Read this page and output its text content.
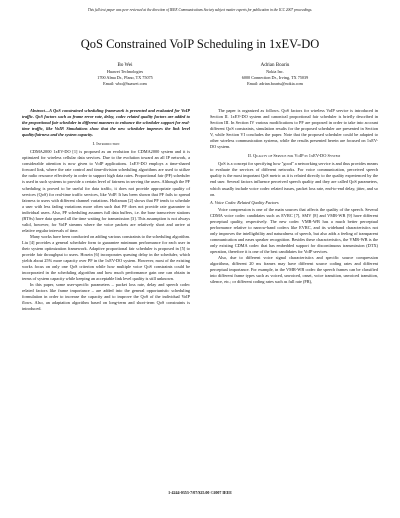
This full text paper was peer reviewed at the direction of IEEE Communications Society subject matter experts for publication in the ICC 2007 proceedings.
QoS Constrained VoIP Scheduling in 1xEV-DO
Bo Wei
Huawei Technologies
1700 Alma Dr., Plano, TX 75075
Email: wbo@huawei.com
Adrian Boariu
Nokia Inc.
6000 Connection Dr., Irving, TX 75039
Email: adrian.boariu@nokia.com

Abstract—A QoS constrained scheduling framework is presented and evaluated for VoIP traffic. QoS factors such as frame error rate, delay, codec related quality factors are added to the proportional fair scheduler in different manners to enhance the scheduler support for real-time traffic, like VoIP. Simulations show that the new scheduler improves the link level quality/fairness and the system capacity.

I. Introduction

CDMA2000 1xEV-DO [1] is proposed as an evolution for CDMA2000 system and it is optimized for wireless cellular data services. Due to the evolution toward an all IP network, a considerable attention is now given to VoIP applications. 1xEV-DO employs a time-shared forward link, where the rate control and time-division scheduling algorithms are used to utilize the radio resource effectively in order to support high data rates. Proportional fair (PF) scheduler is used in such systems to provide a certain level of fairness in serving the users. Although the PF scheduling is proved to be useful for data traffic, it does not provide appropriate quality of services (QoS) for real-time traffic services, like VoIP. It has been shown that PF fails to spread fairness to users with different channel variations. Holtzman [2] shows that PF tends to schedule a user with less fading variations more often such that PF does not provide rate guarantee to individual users. Also, PF scheduling assumes full data buffers, i.e. the base transceiver stations (BTSs) have data queued all the time waiting for transmission [3]. This assumption is not always valid, however, for VoIP streams where the voice packets are relatively short and arrive at relative regular intervals of time.

Many works have been conducted on adding various constraints to the scheduling algorithm. Liu [4] provides a general scheduler form to guarantee minimum performance for each user in their system optimization framework. Adaptive proportional fair scheduler is proposed in [5] to provide fair throughput to users. Hosein [6] incorporates queuing delay in the scheduler, which yields about 25% more capacity over PF in the 1xEV-DO system. However, most of the existing works focus on only one QoS criterion while how multiple voice QoS constraints could be incorporated in the scheduling algorithm and how much performance gain one can obtain in terms of system capacity while keeping an acceptable link level quality is still unknown.

In this paper, some user-specific parameters – packet loss rate, delay and speech codec related factors like frame importance – are added into the general opportunistic scheduling formulation in order to increase the capacity and to improve the QoS of the individual VoIP flows. Also, an adaptation algorithm based on long-term and short-term QoS constraints is introduced.

The paper is organized as follows. QoS factors for wireless VoIP service is introduced in Section II. 1xEV-DO system and canonical proportional fair scheduler is briefly described in Section III. In Section IV various modifications to PF are proposed in order to take into account different QoS constraints, simulation results for the proposed scheduler are presented in Section V, while Section VI concludes the paper. Note that the proposed scheduler could be adapted to other wireless communication systems, while the results presented herein are focused on 1xEV-DO system.

II. Quality of Service for VoIP in 1xEV-DO System

QoS is a concept for specifying how "good" a networking service is and thus provides means to evaluate the services of different networks. For voice communication, perceived speech quality is the most important QoS metric as it is related directly to the quality experienced by the end user. Several factors influence perceived speech quality and they are called QoS parameters, which usually include voice codec related issues, packet loss rate, end-to-end delay, jitter, and so on.

A. Voice Codec Related Quality Factors

Voice compression is one of the main sources that affects the quality of the speech. Several CDMA voice codec candidates such as EVRC [7], SMV [8] and VMR-WB [9] have different perceptual quality, respectively. The new codec VMR-WB has a much better perceptual performance relative to narrow-band codecs like EVRC, and its wideband characteristics not only improves the intelligibility and naturalness of speech, but also adds a feeling of transparent communication and eases speaker recognition. Besides these characteristics, the VMR-WB is the only existing CDMA codec that has embedded support for discontinuous transmission (DTX) operation, therefore it is one of the best candidates for VoIP services.

Also, due to different voice signal characteristics and specific source compression algorithms, different 20 ms frames may have different source coding rates and different perceptual importance. For example, in the VMR-WB codec the speech frames can be classified into different frame types such as voiced, unvoiced, onset, voice transition, unvoiced transition, silence, etc.; or different coding rates such as full rate (FR),

1-4244-0353-7/07/$25.00 ©2007 IEEE
